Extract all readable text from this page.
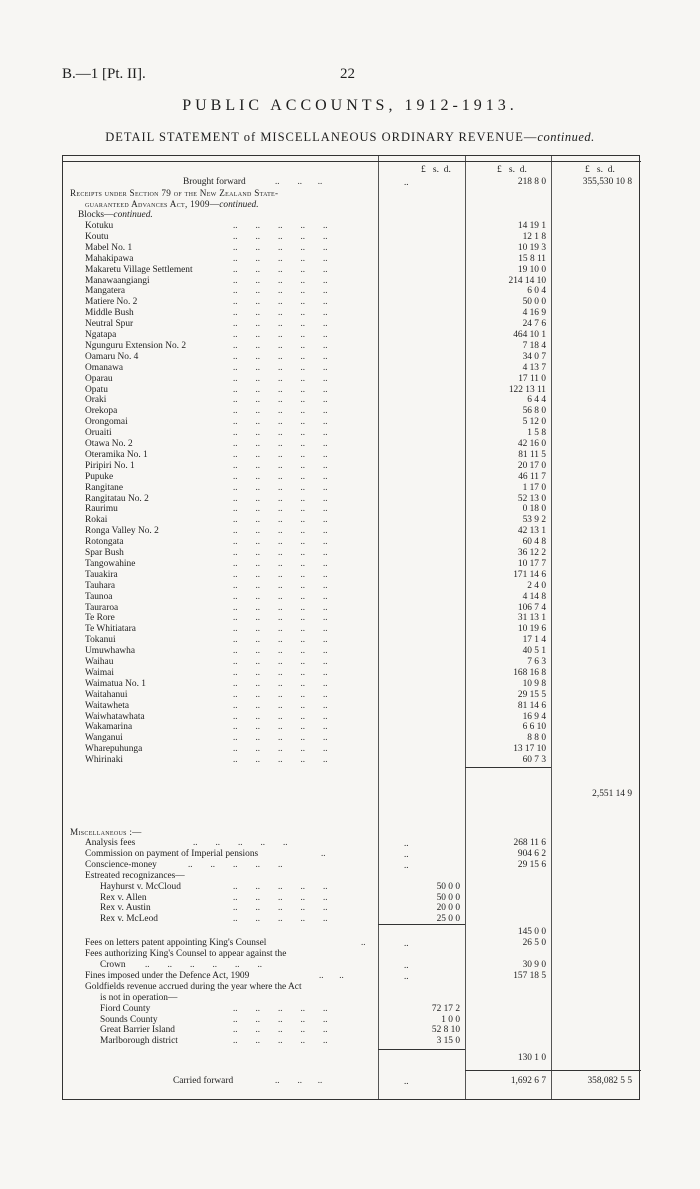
B.—1 [Pt. II].	22
PUBLIC ACCOUNTS, 1912-1913.
DETAIL STATEMENT of MISCELLANEOUS ORDINARY REVENUE—continued.
£   s.  d.	£   s.  d.	£   s.  d.
Brought forward	..        ..       ..	..	218 8 0	355,530 10 8
Receipts under Section 79 of the New Zealand State-
guaranteed Advances Act, 1909—continued.
Blocks—continued.
Kotuku	..        ..        ..        ..        ..	14 19 1
Koutu	..        ..        ..        ..        ..	12 1 8
Mabel No. 1	..        ..        ..        ..        ..	10 19 3
Mahakipawa	..        ..        ..        ..        ..	15 8 11
Makaretu Village Settlement	..        ..        ..        ..        ..	19 10 0
Manawaangiangi	..        ..        ..        ..        ..	214 14 10
Mangatera	..        ..        ..        ..        ..	6 0 4
Matiere No. 2	..        ..        ..        ..        ..	50 0 0
Middle Bush	..        ..        ..        ..        ..	4 16 9
Neutral Spur	..        ..        ..        ..        ..	24 7 6
Ngatapa	..        ..        ..        ..        ..	464 10 1
Ngunguru Extension No. 2	..        ..        ..        ..        ..	7 18 4
Oamaru No. 4	..        ..        ..        ..        ..	34 0 7
Omanawa	..        ..        ..        ..        ..	4 13 7
Oparau	..        ..        ..        ..        ..	17 11 0
Opatu	..        ..        ..        ..        ..	122 13 11
Oraki	..        ..        ..        ..        ..	6 4 4
Orekopa	..        ..        ..        ..        ..	56 8 0
Orongomai	..        ..        ..        ..        ..	5 12 0
Oruaiti	..        ..        ..        ..        ..	1 5 8
Otawa No. 2	..        ..        ..        ..        ..	42 16 0
Oteramika No. 1	..        ..        ..        ..        ..	81 11 5
Piripiri No. 1	..        ..        ..        ..        ..	20 17 0
Pupuke	..        ..        ..        ..        ..	46 11 7
Rangitane	..        ..        ..        ..        ..	1 17 0
Rangitatau No. 2	..        ..        ..        ..        ..	52 13 0
Raurimu	..        ..        ..        ..        ..	0 18 0
Rokai	..        ..        ..        ..        ..	53 9 2
Ronga Valley No. 2	..        ..        ..        ..        ..	42 13 1
Rotongata	..        ..        ..        ..        ..	60 4 8
Spar Bush	..        ..        ..        ..        ..	36 12 2
Tangowahine	..        ..        ..        ..        ..	10 17 7
Tauakira	..        ..        ..        ..        ..	171 14 6
Tauhara	..        ..        ..        ..        ..	2 4 0
Taunoa	..        ..        ..        ..        ..	4 14 8
Tauraroa	..        ..        ..        ..        ..	106 7 4
Te Rore	..        ..        ..        ..        ..	31 13 1
Te Whitiatara	..        ..        ..        ..        ..	10 19 6
Tokanui	..        ..        ..        ..        ..	17 1 4
Umuwhawha	..        ..        ..        ..        ..	40 5 1
Waihau	..        ..        ..        ..        ..	7 6 3
Waimai	..        ..        ..        ..        ..	168 16 8
Waimatua No. 1	..        ..        ..        ..        ..	10 9 8
Waitahanui	..        ..        ..        ..        ..	29 15 5
Waitawheta	..        ..        ..        ..        ..	81 14 6
Waiwhatawhata	..        ..        ..        ..        ..	16 9 4
Wakamarina	..        ..        ..        ..        ..	6 6 10
Wanganui	..        ..        ..        ..        ..	8 8 0
Wharepuhunga	..        ..        ..        ..        ..	13 17 10
Whirinaki	..        ..        ..        ..        ..	60 7 3
2,551 14 9
Miscellaneous :—
Analysis fees	..        ..        ..        ..        ..	..	268 11 6
Commission on payment of Imperial pensions	..	..	904 6 2
Conscience-money	..        ..        ..        ..        ..	..	29 15 6
Estreated recognizances—
Hayhurst v. McCloud	..        ..        ..        ..        ..	50 0 0
Rex v. Allen	..        ..        ..        ..        ..	50 0 0
Rex v. Austin	..        ..        ..        ..        ..	20 0 0
Rex v. McLeod	..        ..        ..        ..        ..	25 0 0
145 0 0
Fees on letters patent appointing King's Counsel	..	..	26 5 0
Fees authorizing King's Counsel to appear against the
Crown ..        ..        ..        ..        ..        ..	..	30 9 0
Fines imposed under the Defence Act, 1909	..       ..	..	157 18 5
Goldfields revenue accrued during the year where the Act
is not in operation—
Fiord County	..        ..        ..        ..        ..	72 17 2
Sounds County	..        ..        ..        ..        ..	1 0 0
Great Barrier Island	..        ..        ..        ..        ..	52 8 10
Marlborough district	..        ..        ..        ..        ..	3 15 0
130 1 0
Carried forward	..        ..       ..	..	1,692 6 7	358,082 5 5
